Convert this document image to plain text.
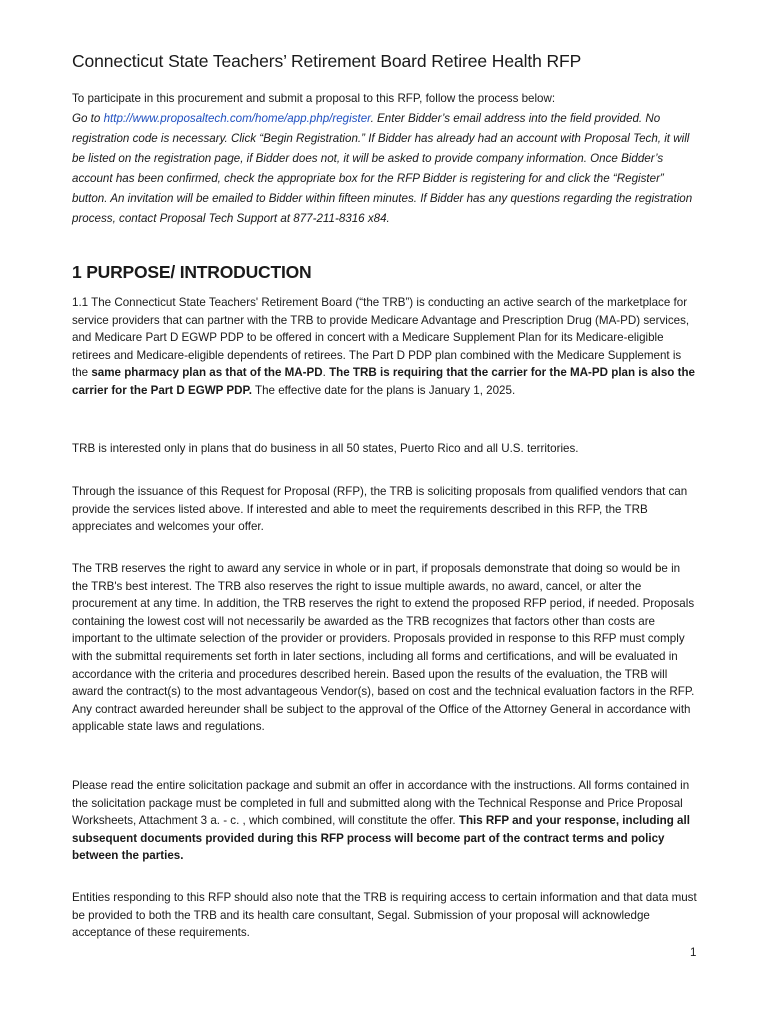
Connecticut State Teachers’ Retirement Board Retiree Health RFP
To participate in this procurement and submit a proposal to this RFP, follow the process below:
Go to http://www.proposaltech.com/home/app.php/register. Enter Bidder’s email address into the field provided. No registration code is necessary. Click “Begin Registration.” If Bidder has already had an account with Proposal Tech, it will be listed on the registration page, if Bidder does not, it will be asked to provide company information. Once Bidder’s account has been confirmed, check the appropriate box for the RFP Bidder is registering for and click the “Register” button. An invitation will be emailed to Bidder within fifteen minutes. If Bidder has any questions regarding the registration process, contact Proposal Tech Support at 877-211-8316 x84.
1 PURPOSE/ INTRODUCTION

1.1 The Connecticut State Teachers' Retirement Board (“the TRB”) is conducting an active search of the marketplace for service providers that can partner with the TRB to provide Medicare Advantage and Prescription Drug (MA-PD) services, and Medicare Part D EGWP PDP to be offered in concert with a Medicare Supplement Plan for its Medicare-eligible retirees and Medicare-eligible dependents of retirees. The Part D PDP plan combined with the Medicare Supplement is the same pharmacy plan as that of the MA-PD. The TRB is requiring that the carrier for the MA-PD plan is also the carrier for the Part D EGWP PDP. The effective date for the plans is January 1, 2025.

TRB is interested only in plans that do business in all 50 states, Puerto Rico and all U.S. territories.

Through the issuance of this Request for Proposal (RFP), the TRB is soliciting proposals from qualified vendors that can provide the services listed above. If interested and able to meet the requirements described in this RFP, the TRB appreciates and welcomes your offer.

The TRB reserves the right to award any service in whole or in part, if proposals demonstrate that doing so would be in the TRB's best interest. The TRB also reserves the right to issue multiple awards, no award, cancel, or alter the procurement at any time. In addition, the TRB reserves the right to extend the proposed RFP period, if needed. Proposals containing the lowest cost will not necessarily be awarded as the TRB recognizes that factors other than costs are important to the ultimate selection of the provider or providers. Proposals provided in response to this RFP must comply with the submittal requirements set forth in later sections, including all forms and certifications, and will be evaluated in accordance with the criteria and procedures described herein. Based upon the results of the evaluation, the TRB will award the contract(s) to the most advantageous Vendor(s), based on cost and the technical evaluation factors in the RFP. Any contract awarded hereunder shall be subject to the approval of the Office of the Attorney General in accordance with applicable state laws and regulations.

Please read the entire solicitation package and submit an offer in accordance with the instructions. All forms contained in the solicitation package must be completed in full and submitted along with the Technical Response and Price Proposal Worksheets, Attachment 3 a. - c. , which combined, will constitute the offer. This RFP and your response, including all subsequent documents provided during this RFP process will become part of the contract terms and policy between the parties.

Entities responding to this RFP should also note that the TRB is requiring access to certain information and that data must be provided to both the TRB and its health care consultant, Segal. Submission of your proposal will acknowledge acceptance of these requirements.

1
